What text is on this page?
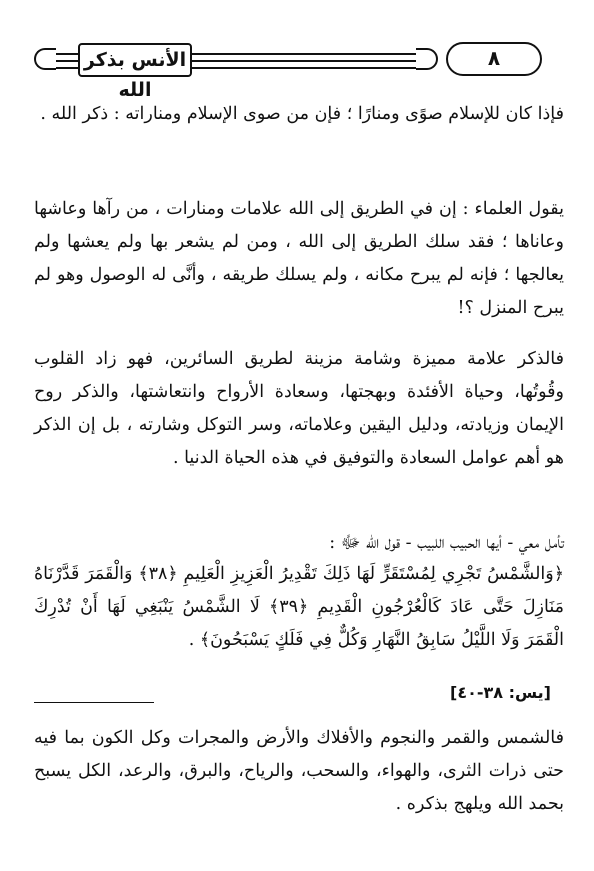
الأنس بذكر الله
٨

فإذا كان للإسلام صوًى ومنارًا ؛ فإن من صوى الإسلام ومناراته : ذكر الله .

يقول العلماء : إن في الطريق إلى الله علامات ومنارات ، من رآها وعاشها وعاناها ؛ فقد سلك الطريق إلى الله ، ومن لم يشعر بها ولم يعشها ولم يعالجها ؛ فإنه لم يبرح مكانه ، ولم يسلك طريقه ، وأنَّى له الوصول وهو لم يبرح المنزل ؟!

فالذكر علامة مميزة وشامة مزينة لطريق السائرين، فهو زاد القلوب وقُوتُها، وحياة الأفئدة وبهجتها، وسعادة الأرواح وانتعاشتها، والذكر روح الإيمان وزيادته، ودليل اليقين وعلاماته، وسر التوكل وشارته ، بل إن الذكر هو أهم عوامل السعادة والتوفيق في هذه الحياة الدنيا .

تأمل معي - أيها الحبيب اللبيب - قول الله ﷻ :

﴿وَالشَّمْسُ تَجْرِي لِمُسْتَقَرٍّ لَهَا ذَلِكَ تَقْدِيرُ الْعَزِيزِ الْعَلِيمِ ﴿٣٨﴾ وَالْقَمَرَ قَدَّرْنَاهُ مَنَازِلَ حَتَّى عَادَ كَالْعُرْجُونِ الْقَدِيمِ ﴿٣٩﴾ لَا الشَّمْسُ يَنْبَغِي لَهَا أَنْ تُدْرِكَ الْقَمَرَ وَلَا اللَّيْلُ سَابِقُ النَّهَارِ وَكُلٌّ فِي فَلَكٍ يَسْبَحُونَ﴾ .

[يس: ٣٨-٤٠]

فالشمس والقمر والنجوم والأفلاك والأرض والمجرات وكل الكون بما فيه حتى ذرات الثرى، والهواء، والسحب، والرياح، والبرق، والرعد، الكل يسبح بحمد الله ويلهج بذكره .
